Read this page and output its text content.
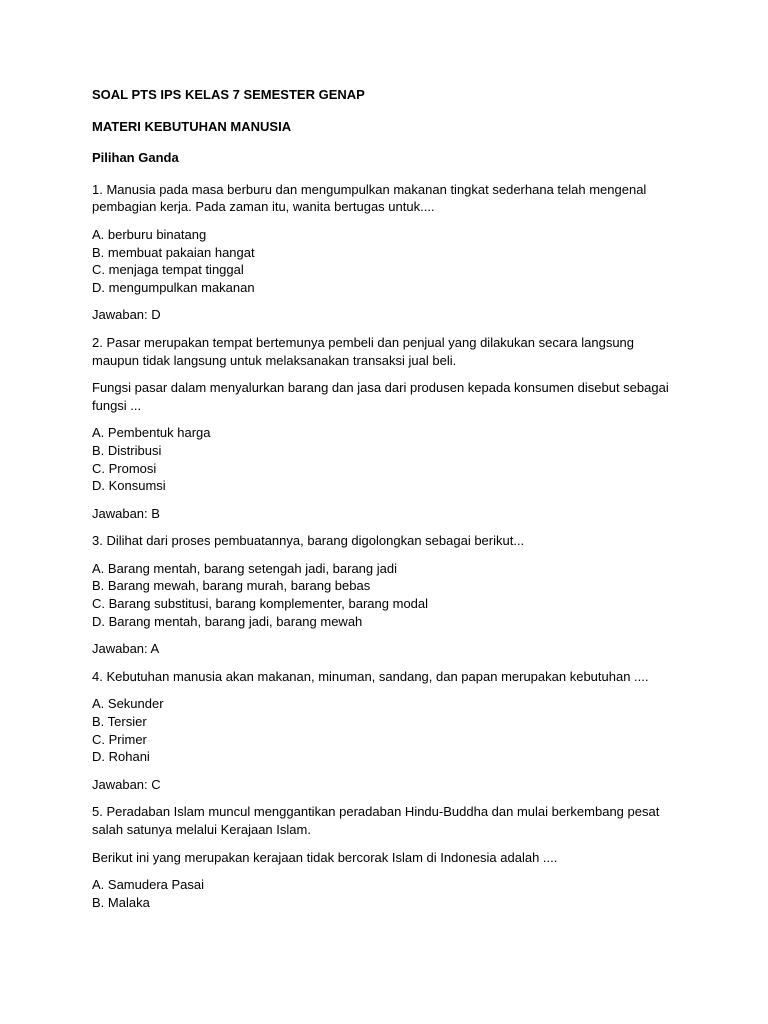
SOAL PTS IPS KELAS 7 SEMESTER GENAP

MATERI KEBUTUHAN MANUSIA

Pilihan Ganda

1. Manusia pada masa berburu dan mengumpulkan makanan tingkat sederhana telah mengenal pembagian kerja. Pada zaman itu, wanita bertugas untuk....

A. berburu binatang
B. membuat pakaian hangat
C. menjaga tempat tinggal
D. mengumpulkan makanan

Jawaban: D

2. Pasar merupakan tempat bertemunya pembeli dan penjual yang dilakukan secara langsung maupun tidak langsung untuk melaksanakan transaksi jual beli.

Fungsi pasar dalam menyalurkan barang dan jasa dari produsen kepada konsumen disebut sebagai fungsi ...

A. Pembentuk harga
B. Distribusi
C. Promosi
D. Konsumsi

Jawaban: B

3. Dilihat dari proses pembuatannya, barang digolongkan sebagai berikut...

A. Barang mentah, barang setengah jadi, barang jadi
B. Barang mewah, barang murah, barang bebas
C. Barang substitusi, barang komplementer, barang modal
D. Barang mentah, barang jadi, barang mewah

Jawaban: A

4. Kebutuhan manusia akan makanan, minuman, sandang, dan papan merupakan kebutuhan ....

A. Sekunder
B. Tersier
C. Primer
D. Rohani

Jawaban: C

5. Peradaban Islam muncul menggantikan peradaban Hindu-Buddha dan mulai berkembang pesat salah satunya melalui Kerajaan Islam.

Berikut ini yang merupakan kerajaan tidak bercorak Islam di Indonesia adalah ....

A. Samudera Pasai
B. Malaka
